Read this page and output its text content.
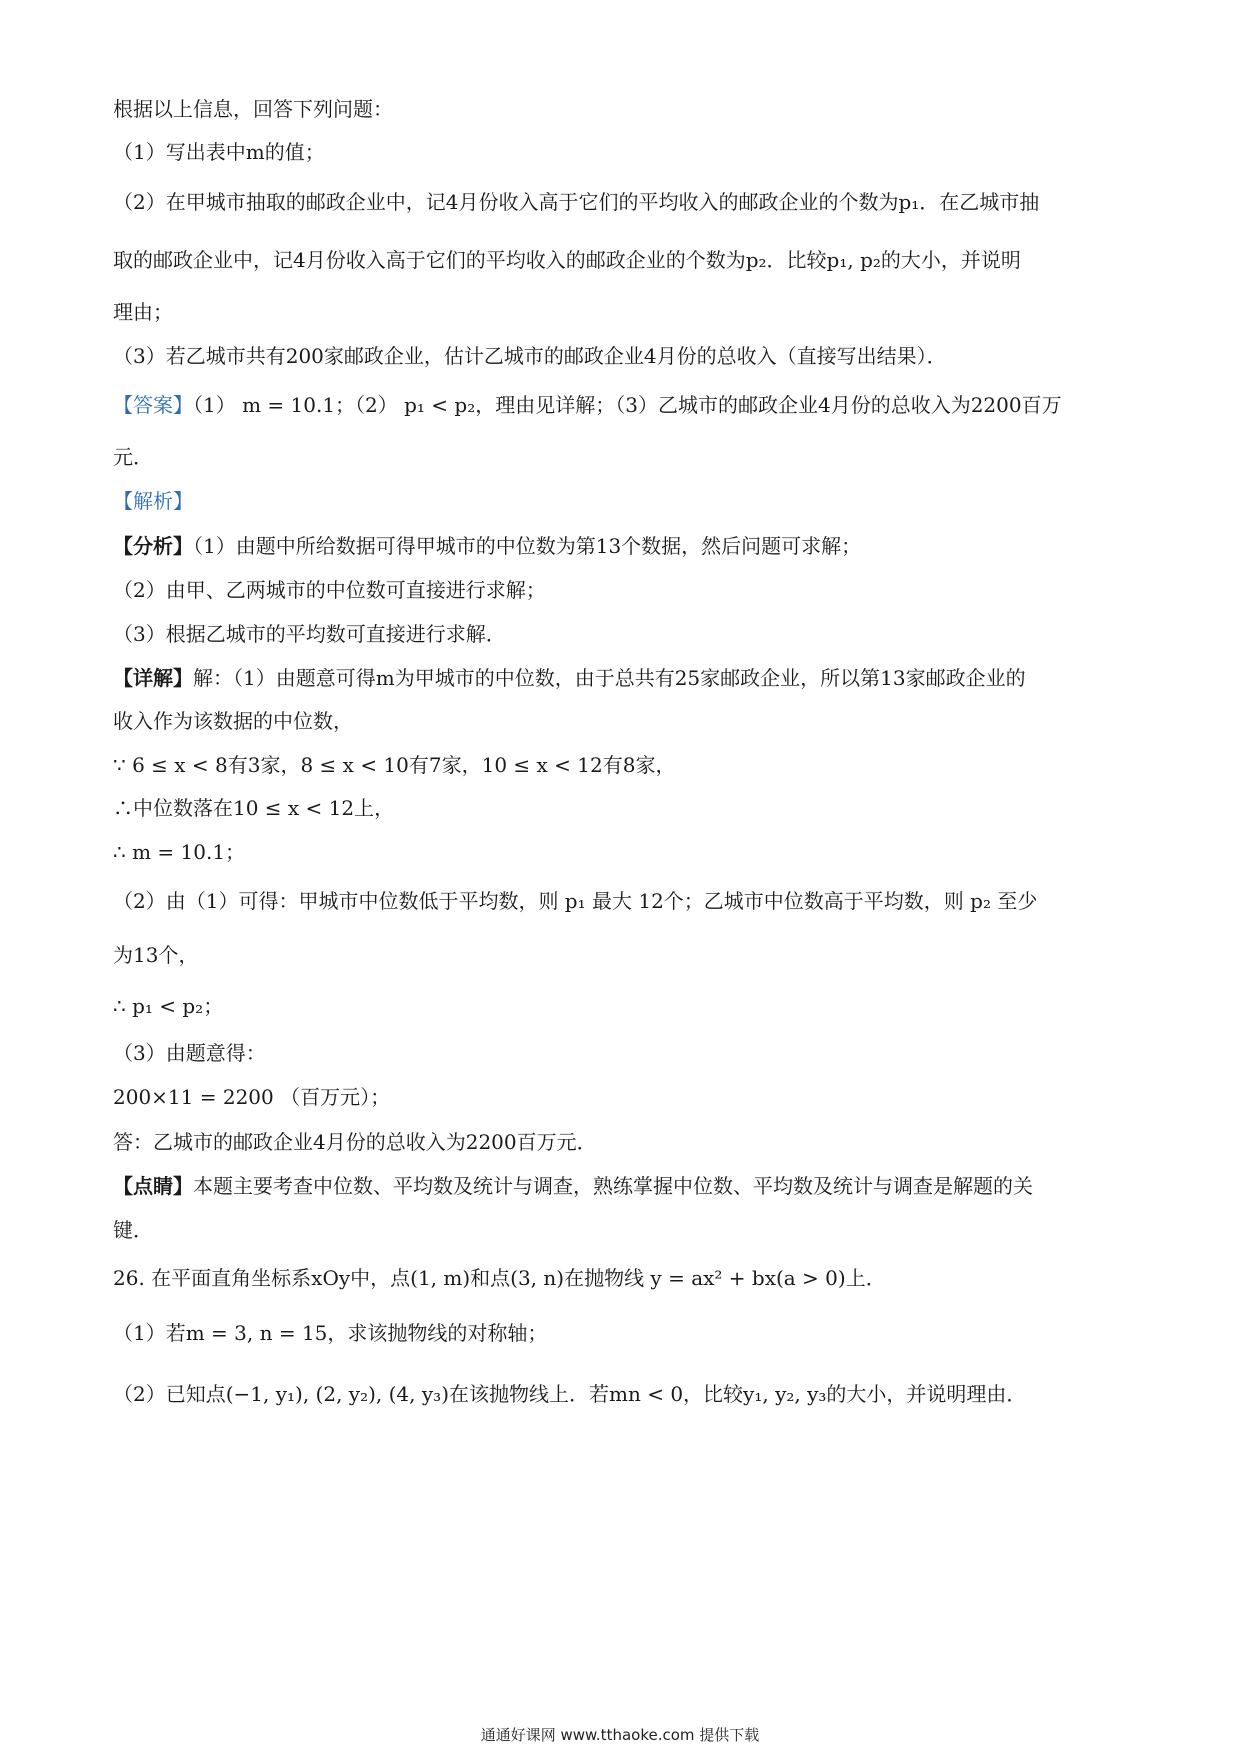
根据以上信息，回答下列问题：
（1）写出表中m的值；
（2）在甲城市抽取的邮政企业中，记4月份收入高于它们的平均收入的邮政企业的个数为p₁．在乙城市抽
取的邮政企业中，记4月份收入高于它们的平均收入的邮政企业的个数为p₂．比较p₁, p₂的大小，并说明
理由；
（3）若乙城市共有200家邮政企业，估计乙城市的邮政企业4月份的总收入（直接写出结果）．
【答案】（1） m = 10.1；（2） p₁ < p₂，理由见详解；（3）乙城市的邮政企业4月份的总收入为2200百万
元．
【解析】
【分析】（1）由题中所给数据可得甲城市的中位数为第13个数据，然后问题可求解；
（2）由甲、乙两城市的中位数可直接进行求解；
（3）根据乙城市的平均数可直接进行求解．
【详解】解：（1）由题意可得m为甲城市的中位数，由于总共有25家邮政企业，所以第13家邮政企业的
收入作为该数据的中位数，
∵ 6 ≤ x < 8有3家，8 ≤ x < 10有7家，10 ≤ x < 12有8家，
∴中位数落在10 ≤ x < 12上，
∴ m = 10.1；
（2）由（1）可得：甲城市中位数低于平均数，则 p₁ 最大 12个；乙城市中位数高于平均数，则 p₂ 至少
为13个，
∴ p₁ < p₂；
（3）由题意得：
200×11 = 2200 （百万元）；
答：乙城市的邮政企业4月份的总收入为2200百万元．
【点睛】本题主要考查中位数、平均数及统计与调查，熟练掌握中位数、平均数及统计与调查是解题的关
键．
26. 在平面直角坐标系xOy中，点(1, m)和点(3, n)在抛物线 y = ax² + bx(a > 0)上．
（1）若m = 3, n = 15，求该抛物线的对称轴；
（2）已知点(−1, y₁), (2, y₂), (4, y₃)在该抛物线上．若mn < 0，比较y₁, y₂, y₃的大小，并说明理由．
通通好课网 www.tthaoke.com 提供下载
